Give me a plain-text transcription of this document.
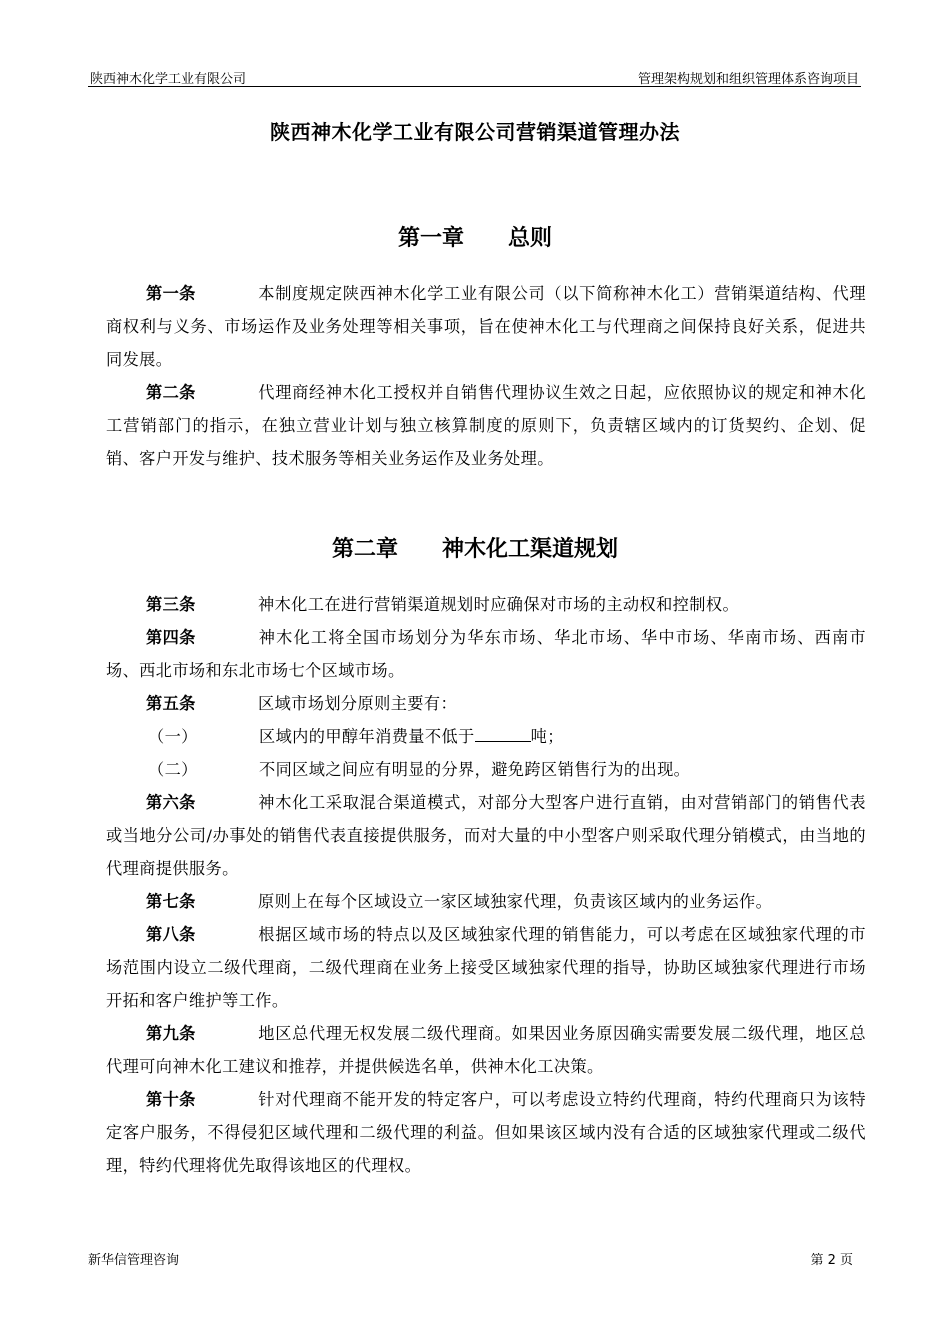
陕西神木化学工业有限公司	管理架构规划和组织管理体系咨询项目
陕西神木化学工业有限公司营销渠道管理办法
第一章 总则

第一条	本制度规定陕西神木化学工业有限公司（以下简称神木化工）营销渠道结构、代理商权利与义务、市场运作及业务处理等相关事项，旨在使神木化工与代理商之间保持良好关系，促进共同发展。

第二条	代理商经神木化工授权并自销售代理协议生效之日起，应依照协议的规定和神木化工营销部门的指示，在独立营业计划与独立核算制度的原则下，负责辖区域内的订货契约、企划、促销、客户开发与维护、技术服务等相关业务运作及业务处理。

第二章 神木化工渠道规划

第三条	神木化工在进行营销渠道规划时应确保对市场的主动权和控制权。

第四条	神木化工将全国市场划分为华东市场、华北市场、华中市场、华南市场、西南市场、西北市场和东北市场七个区域市场。

第五条	区域市场划分原则主要有：

（一）	区域内的甲醇年消费量不低于	吨；

（二）	不同区域之间应有明显的分界，避免跨区销售行为的出现。

第六条	神木化工采取混合渠道模式，对部分大型客户进行直销，由对营销部门的销售代表或当地分公司/办事处的销售代表直接提供服务，而对大量的中小型客户则采取代理分销模式，由当地的代理商提供服务。

第七条	原则上在每个区域设立一家区域独家代理，负责该区域内的业务运作。

第八条	根据区域市场的特点以及区域独家代理的销售能力，可以考虑在区域独家代理的市场范围内设立二级代理商，二级代理商在业务上接受区域独家代理的指导，协助区域独家代理进行市场开拓和客户维护等工作。

第九条	地区总代理无权发展二级代理商。如果因业务原因确实需要发展二级代理，地区总代理可向神木化工建议和推荐，并提供候选名单，供神木化工决策。

第十条	针对代理商不能开发的特定客户，可以考虑设立特约代理商，特约代理商只为该特定客户服务，不得侵犯区域代理和二级代理的利益。但如果该区域内没有合适的区域独家代理或二级代理，特约代理将优先取得该地区的代理权。

新华信管理咨询	第 2 页
